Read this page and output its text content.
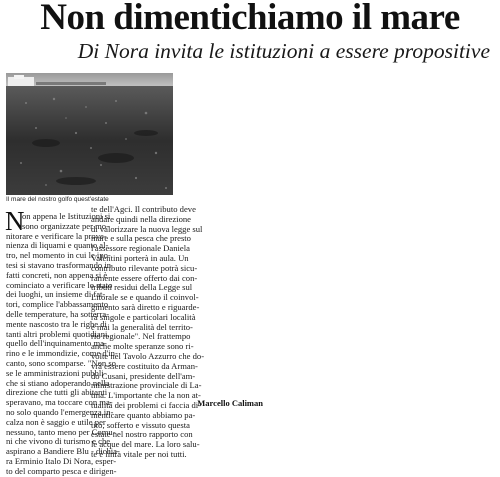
Non dimentichiamo il mare
Di Nora invita le istituzioni a essere propositive
Il mare del nostro golfo quest'estate
N
on appena le Istituzioni si
sono organizzate per mo-
nitorare e verificare la prove-
nienza di liquami e quanto al-
tro, nel momento in cui le ipo-
tesi si stavano trasformando in
fatti concreti, non appena si è
cominciato a verificare lo stato
dei luoghi, un insieme di fat-
tori, complice l'abbassamento
delle temperature, ha sotterra-
mente nascosto tra le righe di
tanti altri problemi quotidiani,
quello dell'inquinamento ma-
rino e le immondizie, come d'in-
canto, sono scomparse. "Non so
se le amministrazioni pubbli-
che si stiano adoperando nella
direzione che tutti gli abitanti
speravano, ma toccare con ma-
no solo quando l'emergenza in-
calza non è saggio e utile per
nessuno, tanto meno per Comu-
ni che vivono di turismo e che
aspirano a Bandiere Blu - dichia-
ra Erminio Italo Di Nora, esper-
to del comparto pesca e dirigen-
te dell'Agci. Il contributo deve
andare quindi nella direzione
di valorizzare la nuova legge sul
mare e sulla pesca che presto
l'assessore regionale Daniela
Valentini porterà in aula. Un
contributo rilevante potrà sicu-
ramente essere offerto dai con-
tributi residui della Legge sul
Litorale se e quando il coinvol-
gimento sarà diretto e riguarde-
rà singole e particolari località
e mai la generalità del territo-
rio regionale". Nel frattempo
anche molte speranze sono ri-
volte nel Tavolo Azzurro che do-
vrà essere costituito da Arman-
do Cusani, presidente dell'am-
ministrazione provinciale di La-
tina. L'importante che la non at-
tualità dei problemi ci faccia di-
menticare quanto abbiamo pa-
tito, sofferto e vissuto questa
estate nel nostro rapporto con
le acque del mare. La loro salu-
te è linfa vitale per noi tutti.
Marcello Caliman
